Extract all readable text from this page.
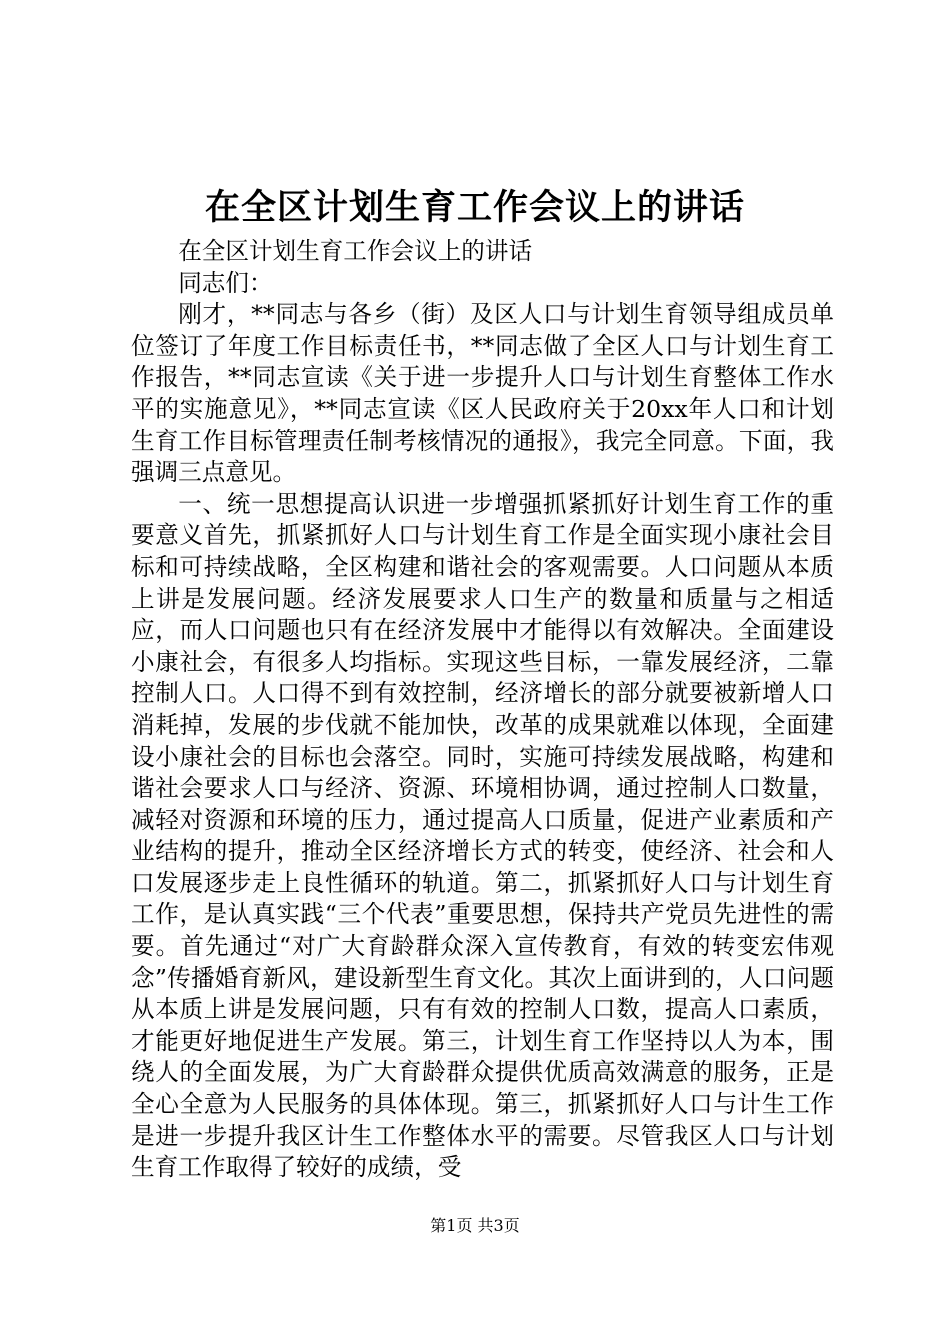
在全区计划生育工作会议上的讲话

在全区计划生育工作会议上的讲话

同志们：

刚才，**同志与各乡（街）及区人口与计划生育领导组成员单位签订了年度工作目标责任书，**同志做了全区人口与计划生育工作报告，**同志宣读《关于进一步提升人口与计划生育整体工作水平的实施意见》，**同志宣读《区人民政府关于20xx年人口和计划生育工作目标管理责任制考核情况的通报》，我完全同意。下面，我强调三点意见。

一、统一思想提高认识进一步增强抓紧抓好计划生育工作的重要意义首先，抓紧抓好人口与计划生育工作是全面实现小康社会目标和可持续战略，全区构建和谐社会的客观需要。人口问题从本质上讲是发展问题。经济发展要求人口生产的数量和质量与之相适应，而人口问题也只有在经济发展中才能得以有效解决。全面建设小康社会，有很多人均指标。实现这些目标，一靠发展经济，二靠控制人口。人口得不到有效控制，经济增长的部分就要被新增人口消耗掉，发展的步伐就不能加快，改革的成果就难以体现，全面建设小康社会的目标也会落空。同时，实施可持续发展战略，构建和谐社会要求人口与经济、资源、环境相协调，通过控制人口数量，减轻对资源和环境的压力，通过提高人口质量，促进产业素质和产业结构的提升，推动全区经济增长方式的转变，使经济、社会和人口发展逐步走上良性循环的轨道。第二，抓紧抓好人口与计划生育工作，是认真实践“三个代表”重要思想，保持共产党员先进性的需要。首先通过“对广大育龄群众深入宣传教育，有效的转变宏伟观念”传播婚育新风，建设新型生育文化。其次上面讲到的，人口问题从本质上讲是发展问题，只有有效的控制人口数，提高人口素质，才能更好地促进生产发展。第三，计划生育工作坚持以人为本，围绕人的全面发展，为广大育龄群众提供优质高效满意的服务，正是全心全意为人民服务的具体体现。第三，抓紧抓好人口与计生工作是进一步提升我区计生工作整体水平的需要。尽管我区人口与计划生育工作取得了较好的成绩，受

第1页 共3页
